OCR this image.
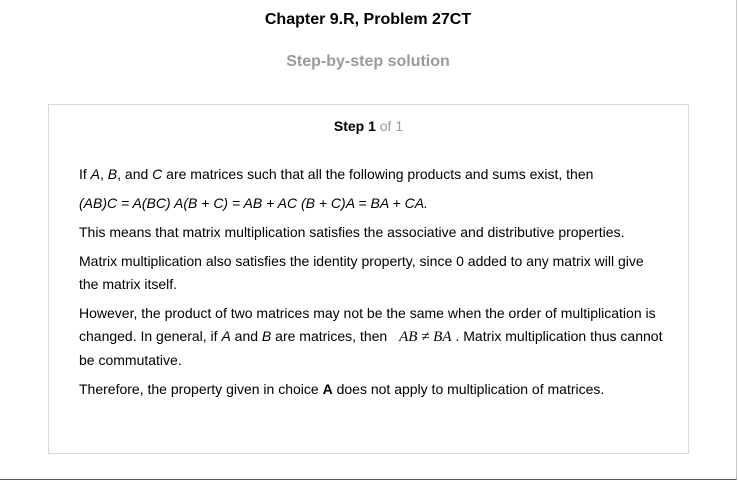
Chapter 9.R, Problem 27CT
Step-by-step solution
Step 1 of 1

If A, B, and C are matrices such that all the following products and sums exist, then

(AB)C = A(BC) A(B + C) = AB + AC (B + C)A = BA + CA.

This means that matrix multiplication satisfies the associative and distributive properties.

Matrix multiplication also satisfies the identity property, since 0 added to any matrix will give the matrix itself.

However, the product of two matrices may not be the same when the order of multiplication is changed. In general, if A and B are matrices, then AB ≠ BA . Matrix multiplication thus cannot be commutative.

Therefore, the property given in choice A does not apply to multiplication of matrices.
